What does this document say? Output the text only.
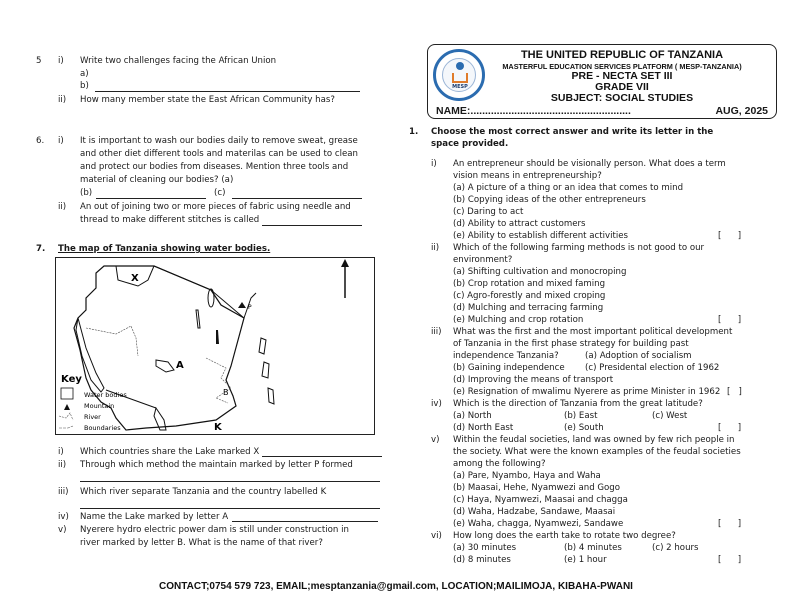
5	i)	Write two challenges facing the African Union
a)
b)
ii)	How many member state the East African Community has?
6.	i)	It is important to wash our bodies daily to remove sweat, grease
and other diet different tools and materilas can be used to clean
and protect our bodies from diseases. Mention three tools and
material of cleaning our bodies? (a)
(b)	(c)
ii)	An out of joining two or more pieces of fabric using needle and
thread to make different stitches is called
7.	The map of Tanzania showing water bodies.
X
P
A
B
K
Key
Water bodies
Mountain
River
Boundaries
i)	Which countries share the Lake marked X
ii)	Through which method the maintain marked by letter P formed
iii)	Which river separate Tanzania and the country labelled K
iv)	Name the Lake marked by letter A
v)	Nyerere hydro electric power dam is still under construction in
river marked by letter B. What is the name of that river?
MESP
THE UNITED REPUBLIC OF TANZANIA
MASTERFUL EDUCATION SERVICES PLATFORM ( MESP-TANZANIA)
PRE - NECTA SET III
GRADE VII
SUBJECT: SOCIAL STUDIES
NAME:.......................................................	AUG, 2025
1.	Choose the most correct answer and write its letter in the
space provided.
i)	An entrepreneur should be visionally person. What does a term
vision means in entrepreneurship?
(a) A picture of a thing or an idea that comes to mind
(b) Copying ideas of the other entrepreneurs
(c) Daring to act
(d) Ability to attract customers
(e) Ability to establish different activities	[      ]
ii)	Which of the following farming methods is not good to our
environment?
(a) Shifting cultivation and monocroping
(b) Crop rotation and mixed faming
(c) Agro-forestly and mixed croping
(d) Mulching and terracing farming
(e) Mulching and crop rotation	[      ]
iii)	What was the first and the most important political development
of Tanzania in the first phase strategy for building past
independence Tanzania?	(a) Adoption of socialism
(b) Gaining independence (c) Presidental election of 1962
(d) Improving the means of transport
(e) Resignation of mwalimu Nyerere as prime Minister in 1962 [   ]
iv)	Which is the direction of Tanzania from the great latitude?
(a) North	(b) East	(c) West
(d) North East	(e) South	[      ]
v)	Within the feudal societies, land was owned by few rich people in
the society. What were the known examples of the feudal societies
among the following?
(a) Pare, Nyambo, Haya and Waha
(b) Maasai, Hehe, Nyamwezi and Gogo
(c) Haya, Nyamwezi, Maasai and chagga
(d) Waha, Hadzabe, Sandawe, Maasai
(e) Waha, chagga, Nyamwezi, Sandawe	[      ]
vi)	How long does the earth take to rotate two degree?
(a) 30 minutes	(b) 4 minutes	(c) 2 hours
(d) 8 minutes	(e) 1 hour	[      ]
CONTACT;0754 579 723, EMAIL;mesptanzania@gmail.com, LOCATION;MAILIMOJA, KIBAHA-PWANI
